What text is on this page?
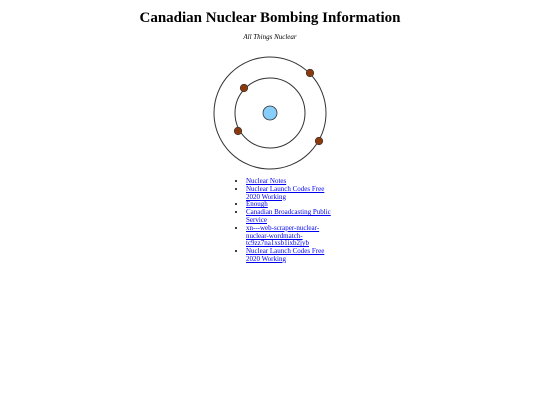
Canadian Nuclear Bombing Information

All Things Nuclear

• Nuclear Notes
• Nuclear Launch Codes Free 2020 Working
• Enough
• Canadian Broadcasting Public Service
• xn---web-scraper-nuclear-nuclear-wordmatch-tc9zz7na1xsb1ixb2jyb
• Nuclear Launch Codes Free 2020 Working
